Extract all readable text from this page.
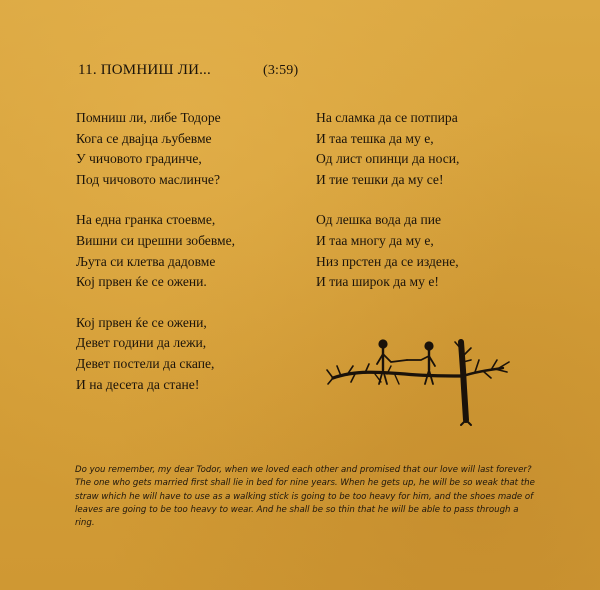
11. ПОМНИШ ЛИ...	(3:59)
Помниш ли, либе Тодоре
Кога се двајца љубевме
У чичовото градинче,
Под чичовото маслинче?
На една гранка стоевме,
Вишни си црешни зобевме,
Љута си клетва дадовме
Кој првен ќе се ожени.
Кој првен ќе се ожени,
Девет години да лежи,
Девет постели да скапе,
И на десета да стане!
На сламка да се потпира
И таа тешка да му е,
Од лист опинци да носи,
И тие тешки да му се!
Од лешка вода да пие
И таа многу да му е,
Низ прстен да се издене,
И тиа широк да му е!
Do you remember, my dear Todor, when we loved each other and promised that our love will last forever? The one who gets married first shall lie in bed for nine years. When he gets up, he will be so weak that the straw which he will have to use as a walking stick is going to be too heavy for him, and the shoes made of leaves are going to be too heavy to wear. And he shall be so thin that he will be able to pass through a ring.
